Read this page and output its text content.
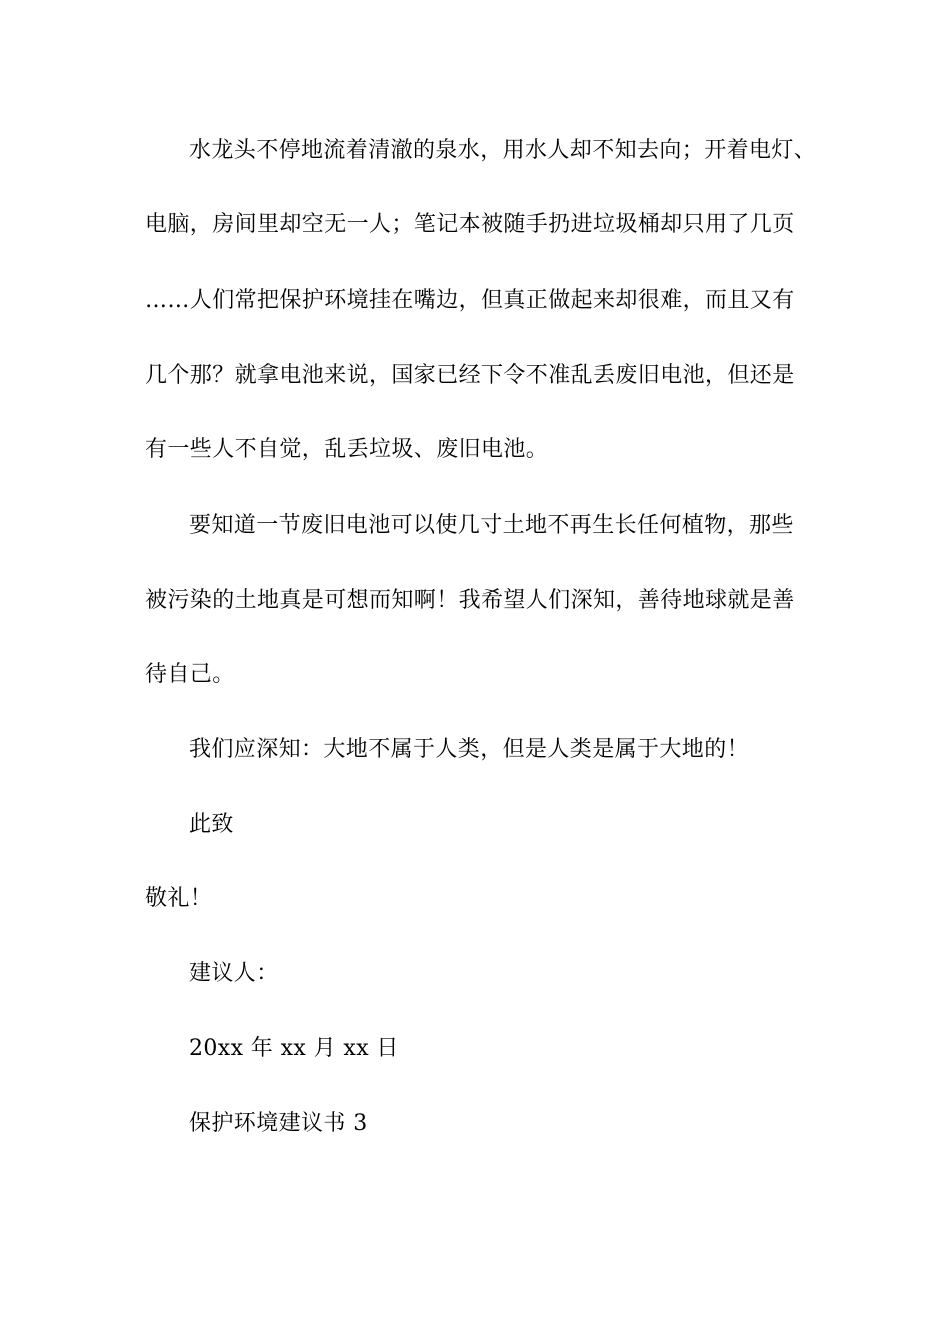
水龙头不停地流着清澈的泉水，用水人却不知去向；开着电灯、
电脑，房间里却空无一人；笔记本被随手扔进垃圾桶却只用了几页
……人们常把保护环境挂在嘴边，但真正做起来却很难，而且又有
几个那？就拿电池来说，国家已经下令不准乱丢废旧电池，但还是
有一些人不自觉，乱丢垃圾、废旧电池。
要知道一节废旧电池可以使几寸土地不再生长任何植物，那些
被污染的土地真是可想而知啊！我希望人们深知，善待地球就是善
待自己。
我们应深知：大地不属于人类，但是人类是属于大地的！
此致
敬礼！
建议人：
20xx 年 xx 月 xx 日
保护环境建议书 3
